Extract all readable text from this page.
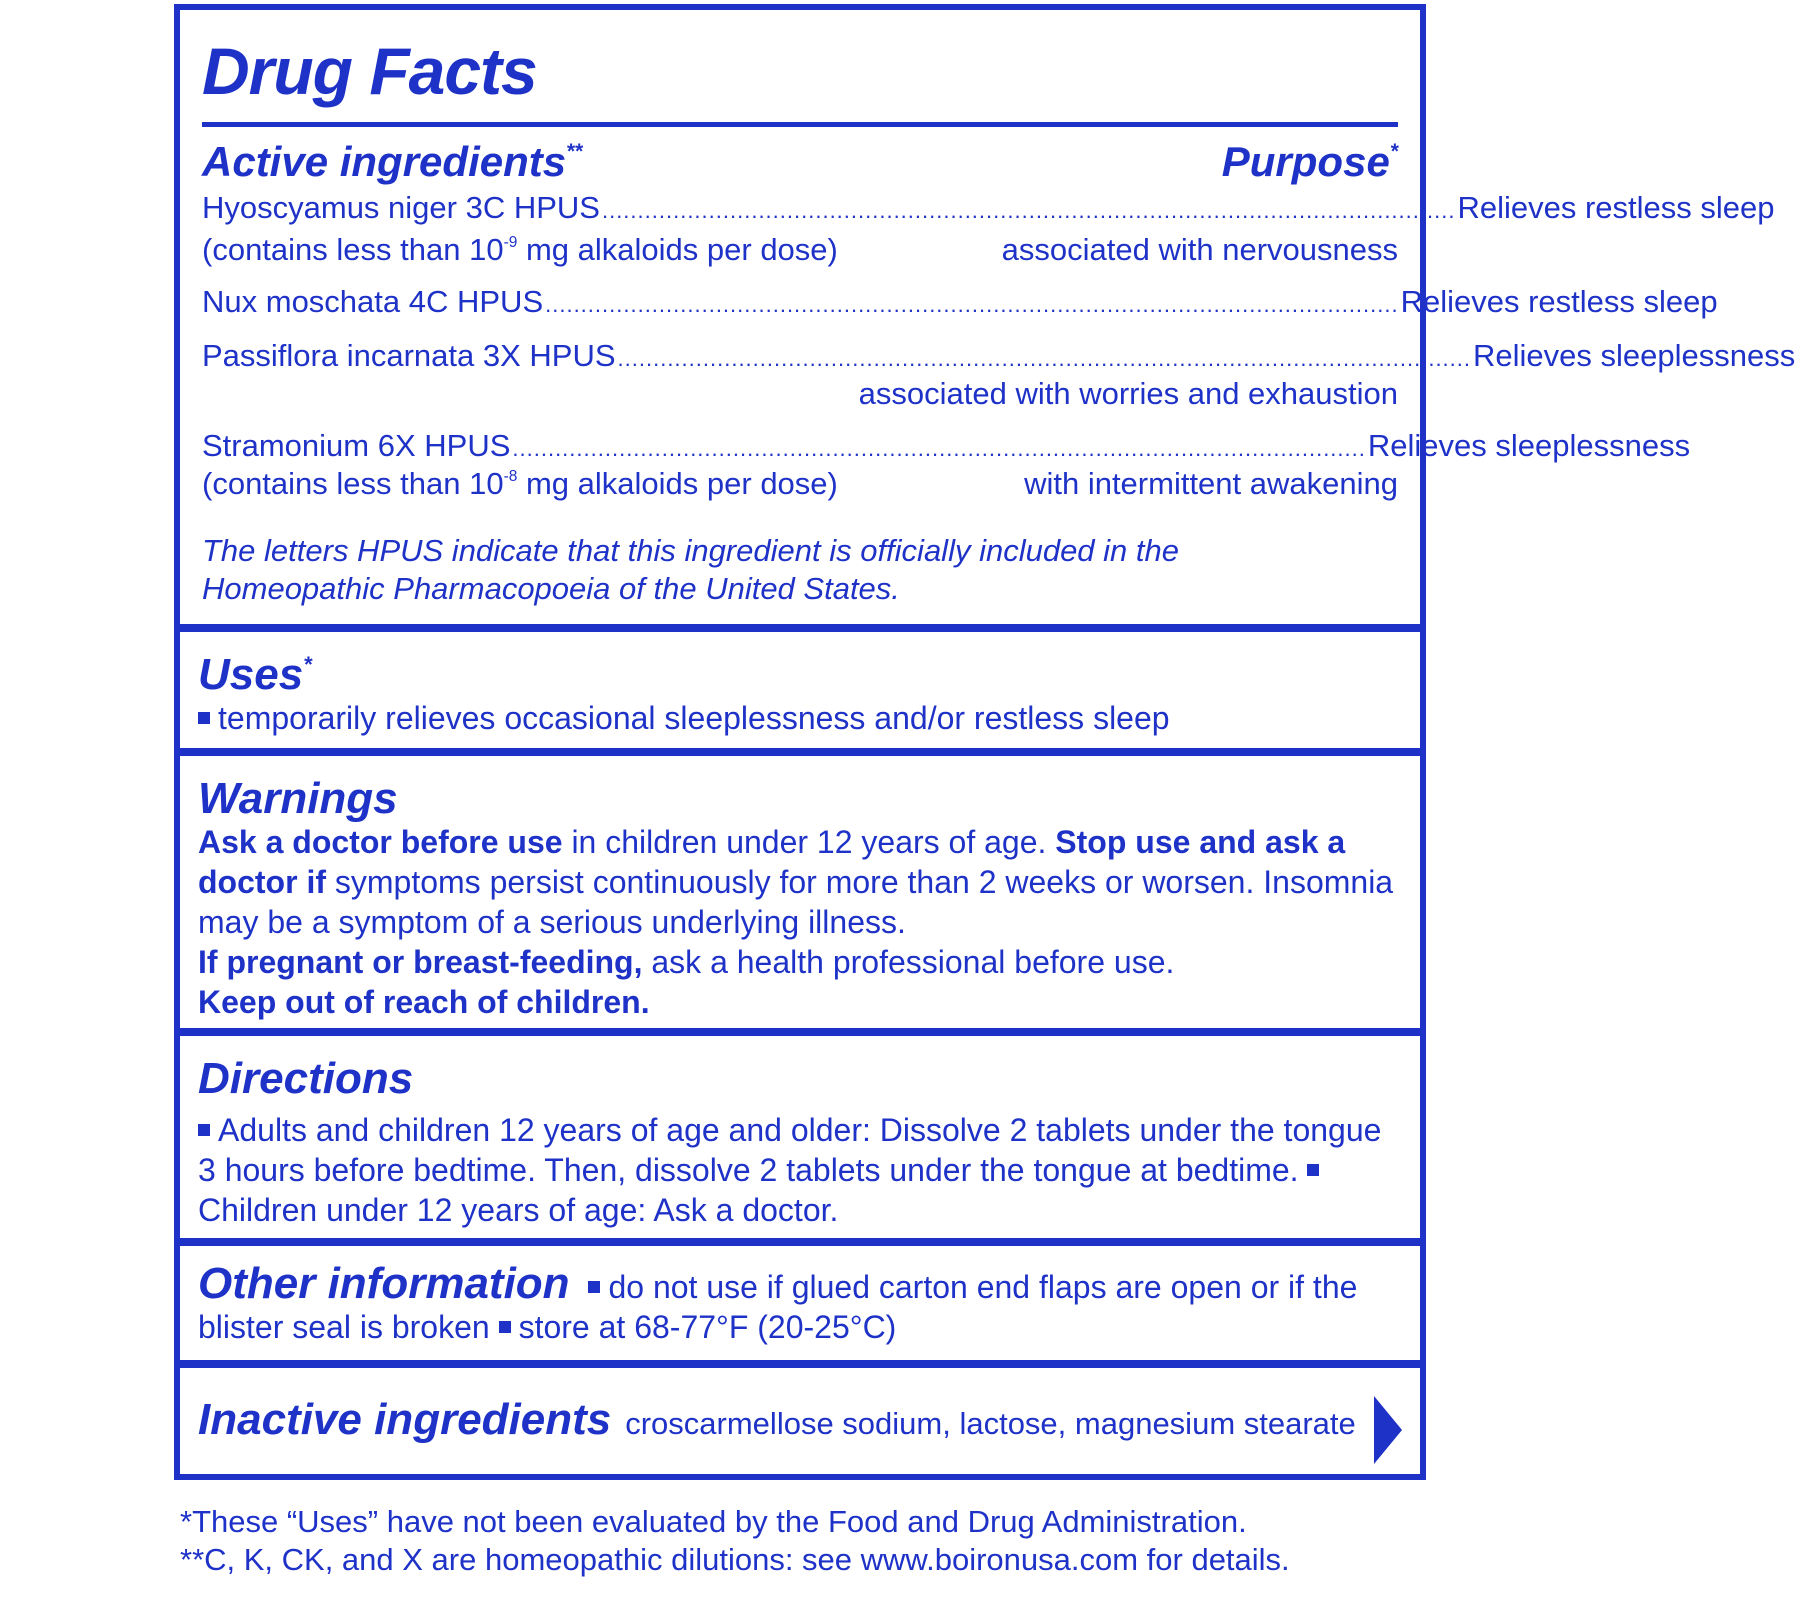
Drug Facts
Active ingredients**	Purpose*
Hyoscyamus niger 3C HPUS ........................................................................................................................ Relieves restless sleep
(contains less than $10^{-9}$ mg alkaloids per dose)	associated with nervousness
Nux moschata 4C HPUS ........................................................................................................................ Relieves restless sleep
Passiflora incarnata 3X HPUS ........................................................................................................................ Relieves sleeplessness
associated with worries and exhaustion
Stramonium 6X HPUS ........................................................................................................................ Relieves sleeplessness
(contains less than $10^{-8}$ mg alkaloids per dose)	with intermittent awakening
The letters HPUS indicate that this ingredient is officially included in the Homeopathic Pharmacopoeia of the United States.
Uses*
temporarily relieves occasional sleeplessness and/or restless sleep
Warnings
Ask a doctor before use in children under 12 years of age. Stop use and ask a doctor if symptoms persist continuously for more than 2 weeks or worsen. Insomnia may be a symptom of a serious underlying illness.
If pregnant or breast-feeding, ask a health professional before use.
Keep out of reach of children.
Directions
Adults and children 12 years of age and older: Dissolve 2 tablets under the tongue 3 hours before bedtime. Then, dissolve 2 tablets under the tongue at bedtime. Children under 12 years of age: Ask a doctor.
Other information do not use if glued carton end flaps are open or if the blister seal is broken store at 68-77°F (20-25°C)
Inactive ingredients croscarmellose sodium, lactose, magnesium stearate
*These “Uses” have not been evaluated by the Food and Drug Administration.
**C, K, CK, and X are homeopathic dilutions: see www.boironusa.com for details.
